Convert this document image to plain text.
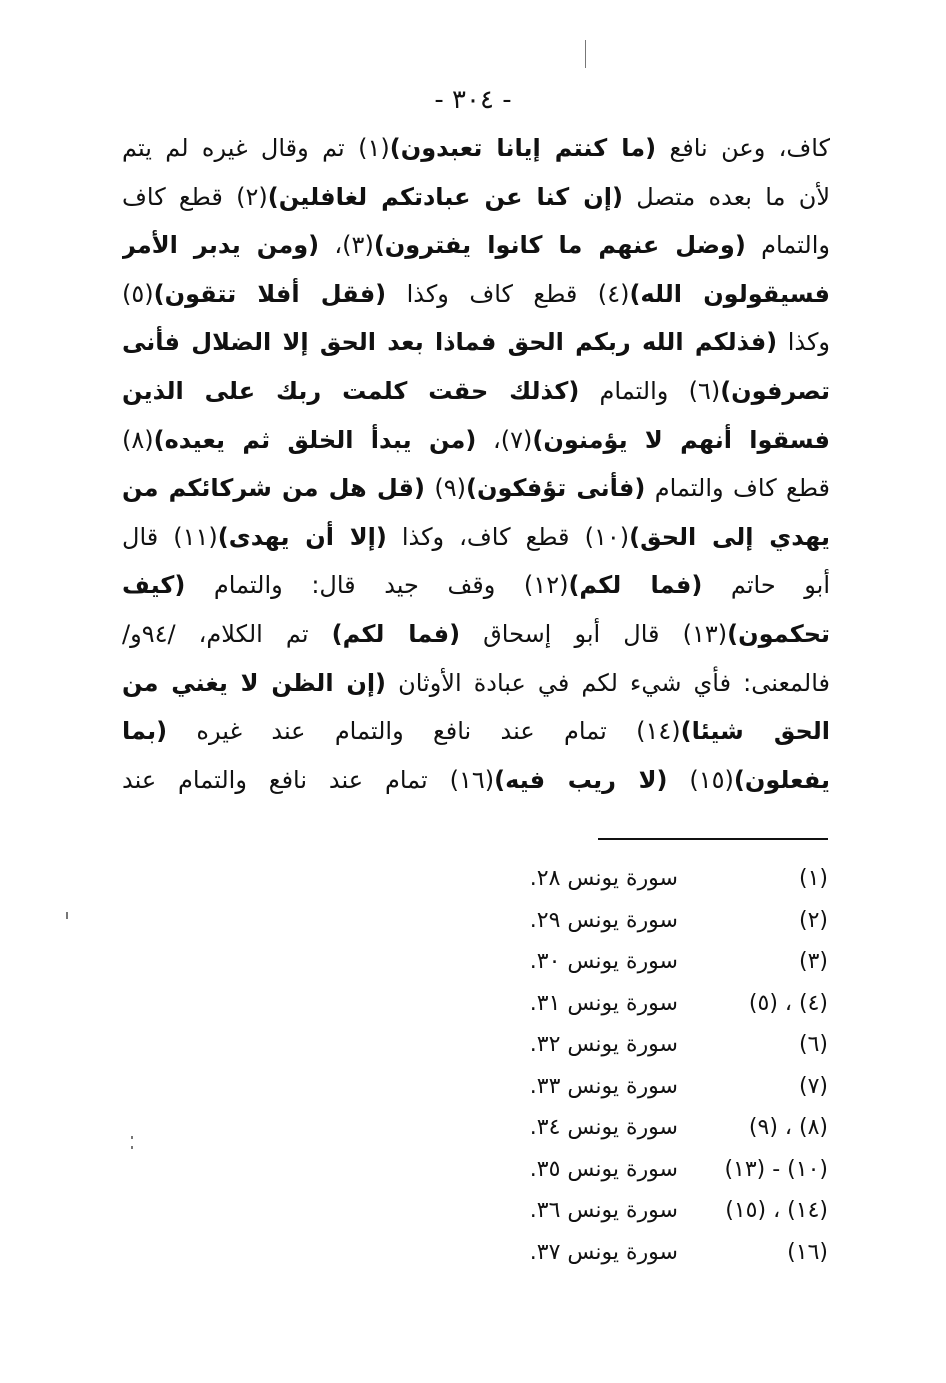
- ٣٠٤ -
كاف، وعن نافع (ما كنتم إيانا تعبدون)(١) تم وقال غيره لم يتم
لأن ما بعده متصل (إن كنا عن عبادتكم لغافلين)(٢) قطع كاف
والتمام (وضل عنهم ما كانوا يفترون)(٣)، (ومن يدبر الأمر
فسيقولون الله)(٤) قطع كاف وكذا (فقل أفلا تتقون)(٥)
وكذا (فذلكم الله ربكم الحق فماذا بعد الحق إلا الضلال فأنى
تصرفون)(٦) والتمام (كذلك حقت كلمت ربك على الذين
فسقوا أنهم لا يؤمنون)(٧)، (من يبدأ الخلق ثم يعيده)(٨)
قطع كاف والتمام (فأنى تؤفكون)(٩) (قل هل من شركائكم من
يهدي إلى الحق)(١٠) قطع كاف، وكذا (إلا أن يهدى)(١١) قال
أبو حاتم (فما لكم)(١٢) وقف جيد قال: والتمام (كيف
تحكمون)(١٣) قال أبو إسحاق (فما لكم) تم الكلام، /٩٤و/
فالمعنى: فأي شيء لكم في عبادة الأوثان (إن الظن لا يغني من
الحق شيئا)(١٤) تمام عند نافع والتمام عند غيره (بما
يفعلون)(١٥) (لا ريب فيه)(١٦) تمام عند نافع والتمام عند
(١)
سورة يونس ٢٨.
(٢)
سورة يونس ٢٩.
(٣)
سورة يونس ٣٠.
(٤) ، (٥)
سورة يونس ٣١.
(٦)
سورة يونس ٣٢.
(٧)
سورة يونس ٣٣.
(٨) ، (٩)
سورة يونس ٣٤.
(١٠) - (١٣)
سورة يونس ٣٥.
(١٤) ، (١٥)
سورة يونس ٣٦.
(١٦)
سورة يونس ٣٧.
